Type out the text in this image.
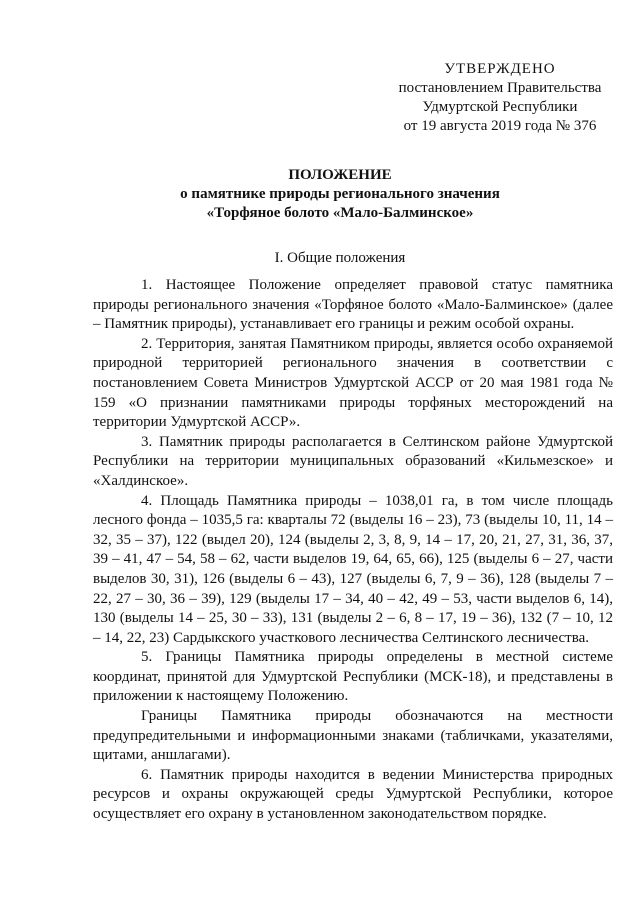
УТВЕРЖДЕНО
постановлением Правительства
Удмуртской Республики
от 19 августа 2019 года № 376
ПОЛОЖЕНИЕ
о памятнике природы регионального значения
«Торфяное болото «Мало-Балминское»
I. Общие положения

1. Настоящее Положение определяет правовой статус памятника природы регионального значения «Торфяное болото «Мало-Балминское» (далее – Памятник природы), устанавливает его границы и режим особой охраны.

2. Территория, занятая Памятником природы, является особо охраняемой природной территорией регионального значения в соответствии с постановлением Совета Министров Удмуртской АССР от 20 мая 1981 года № 159 «О признании памятниками природы торфяных месторождений на территории Удмуртской АССР».

3. Памятник природы располагается в Селтинском районе Удмуртской Республики на территории муниципальных образований «Кильмезское» и «Халдинское».

4. Площадь Памятника природы – 1038,01 га, в том числе площадь лесного фонда – 1035,5 га: кварталы 72 (выделы 16 – 23), 73 (выделы 10, 11, 14 – 32, 35 – 37), 122 (выдел 20), 124 (выделы 2, 3, 8, 9, 14 – 17, 20, 21, 27, 31, 36, 37, 39 – 41, 47 – 54, 58 – 62, части выделов 19, 64, 65, 66), 125 (выделы 6 – 27, части выделов 30, 31), 126 (выделы 6 – 43), 127 (выделы 6, 7, 9 – 36), 128 (выделы 7 – 22, 27 – 30, 36 – 39), 129 (выделы 17 – 34, 40 – 42, 49 – 53, части выделов 6, 14), 130 (выделы 14 – 25, 30 – 33), 131 (выделы 2 – 6, 8 – 17, 19 – 36), 132 (7 – 10, 12 – 14, 22, 23) Сардыкского участкового лесничества Селтинского лесничества.

5. Границы Памятника природы определены в местной системе координат, принятой для Удмуртской Республики (МСК-18), и представлены в приложении к настоящему Положению.

Границы Памятника природы обозначаются на местности предупредительными и информационными знаками (табличками, указателями, щитами, аншлагами).

6. Памятник природы находится в ведении Министерства природных ресурсов и охраны окружающей среды Удмуртской Республики, которое осуществляет его охрану в установленном законодательством порядке.
